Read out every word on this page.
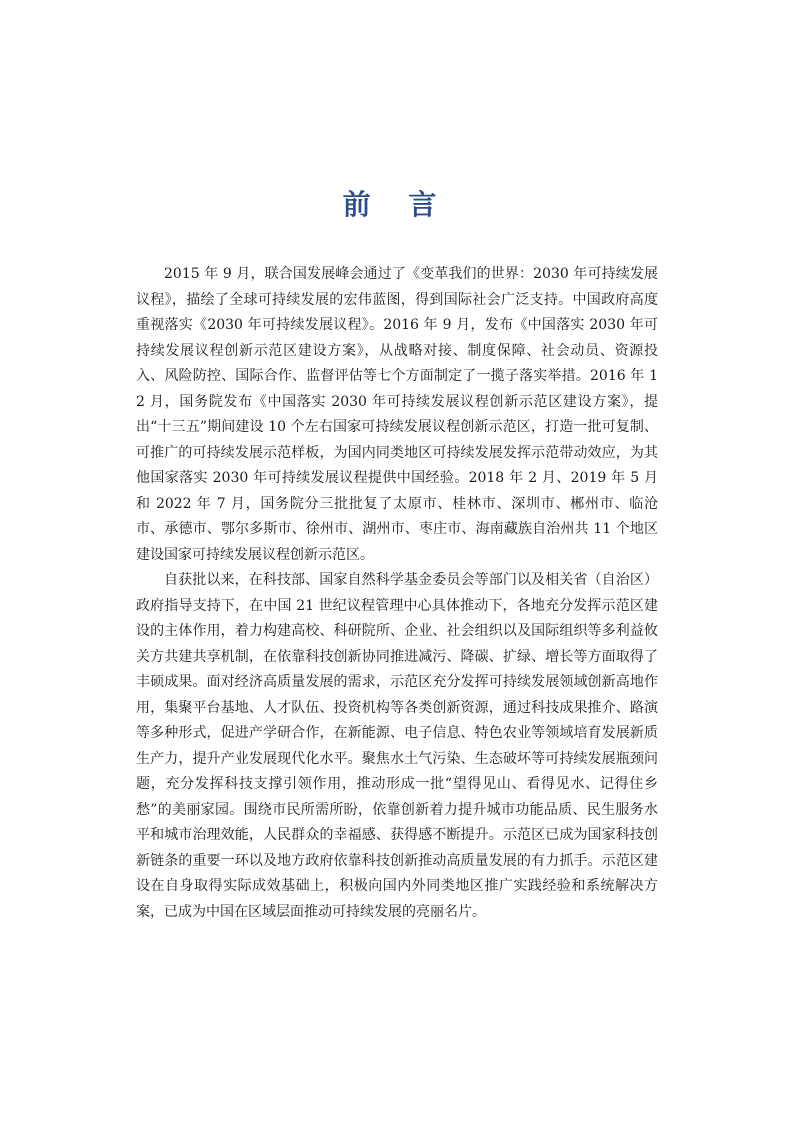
前 言

2015 年 9 月，联合国发展峰会通过了《变革我们的世界：2030 年可持续发展议程》，描绘了全球可持续发展的宏伟蓝图，得到国际社会广泛支持。中国政府高度重视落实《2030 年可持续发展议程》。2016 年 9 月，发布《中国落实 2030 年可持续发展议程创新示范区建设方案》，从战略对接、制度保障、社会动员、资源投入、风险防控、国际合作、监督评估等七个方面制定了一揽子落实举措。2016 年 12 月，国务院发布《中国落实 2030 年可持续发展议程创新示范区建设方案》，提出“十三五”期间建设 10 个左右国家可持续发展议程创新示范区，打造一批可复制、可推广的可持续发展示范样板，为国内同类地区可持续发展发挥示范带动效应，为其他国家落实 2030 年可持续发展议程提供中国经验。2018 年 2 月、2019 年 5 月和 2022 年 7 月，国务院分三批批复了太原市、桂林市、深圳市、郴州市、临沧市、承德市、鄂尔多斯市、徐州市、湖州市、枣庄市、海南藏族自治州共 11 个地区建设国家可持续发展议程创新示范区。

自获批以来，在科技部、国家自然科学基金委员会等部门以及相关省（自治区）政府指导支持下，在中国 21 世纪议程管理中心具体推动下，各地充分发挥示范区建设的主体作用，着力构建高校、科研院所、企业、社会组织以及国际组织等多利益攸关方共建共享机制，在依靠科技创新协同推进减污、降碳、扩绿、增长等方面取得了丰硕成果。面对经济高质量发展的需求，示范区充分发挥可持续发展领域创新高地作用，集聚平台基地、人才队伍、投资机构等各类创新资源，通过科技成果推介、路演等多种形式，促进产学研合作，在新能源、电子信息、特色农业等领域培育发展新质生产力，提升产业发展现代化水平。聚焦水土气污染、生态破坏等可持续发展瓶颈问题，充分发挥科技支撑引领作用，推动形成一批“望得见山、看得见水、记得住乡愁”的美丽家园。围绕市民所需所盼，依靠创新着力提升城市功能品质、民生服务水平和城市治理效能，人民群众的幸福感、获得感不断提升。示范区已成为国家科技创新链条的重要一环以及地方政府依靠科技创新推动高质量发展的有力抓手。示范区建设在自身取得实际成效基础上，积极向国内外同类地区推广实践经验和系统解决方案，已成为中国在区域层面推动可持续发展的亮丽名片。
